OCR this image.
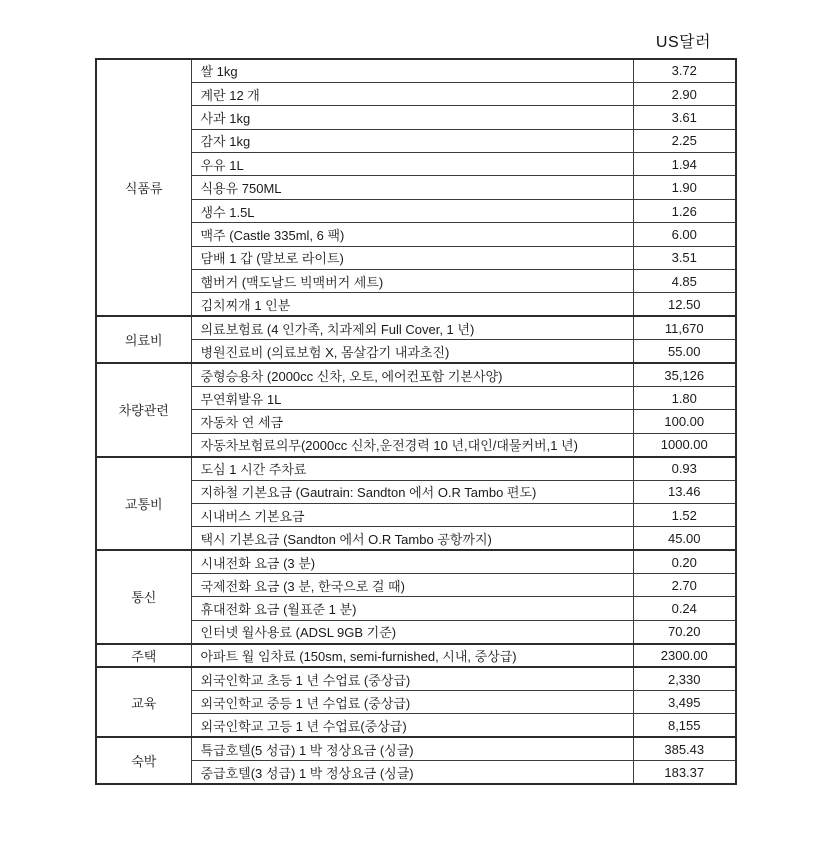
US달러
식품류	쌀 1kg	3.72
	계란 12 개	2.90
	사과 1kg	3.61
	감자 1kg	2.25
	우유 1L	1.94
	식용유 750ML	1.90
	생수 1.5L	1.26
	맥주 (Castle 335ml, 6 팩)	6.00
	담배 1 갑 (말보로 라이트)	3.51
	햄버거 (맥도날드 빅맥버거 세트)	4.85
	김치찌개 1 인분	12.50
의료비	의료보험료 (4 인가족, 치과제외 Full Cover, 1 년)	11,670
	병원진료비 (의료보험 X, 몸살감기 내과초진)	55.00
차량관련	중형승용차 (2000cc 신차, 오토, 에어컨포함 기본사양)	35,126
	무연휘발유 1L	1.80
	자동차 연 세금	100.00
	자동차보험료의무(2000cc 신차,운전경력 10 년,대인/대물커버,1 년)	1000.00
교통비	도심 1 시간 주차료	0.93
	지하철 기본요금 (Gautrain: Sandton 에서 O.R Tambo 편도)	13.46
	시내버스 기본요금	1.52
	택시 기본요금 (Sandton 에서 O.R Tambo 공항까지)	45.00
통신	시내전화 요금 (3 분)	0.20
	국제전화 요금 (3 분, 한국으로 걸 때)	2.70
	휴대전화 요금 (월표준 1 분)	0.24
	인터넷 월사용료 (ADSL 9GB 기준)	70.20
주택	아파트 월 임차료 (150sm, semi-furnished, 시내, 중상급)	2300.00
교육	외국인학교 초등 1 년 수업료 (중상급)	2,330
	외국인학교 중등 1 년 수업료 (중상급)	3,495
	외국인학교 고등 1 년 수업료(중상급)	8,155
숙박	특급호텔(5 성급) 1 박 정상요금 (싱글)	385.43
	중급호텔(3 성급) 1 박 정상요금 (싱글)	183.37
